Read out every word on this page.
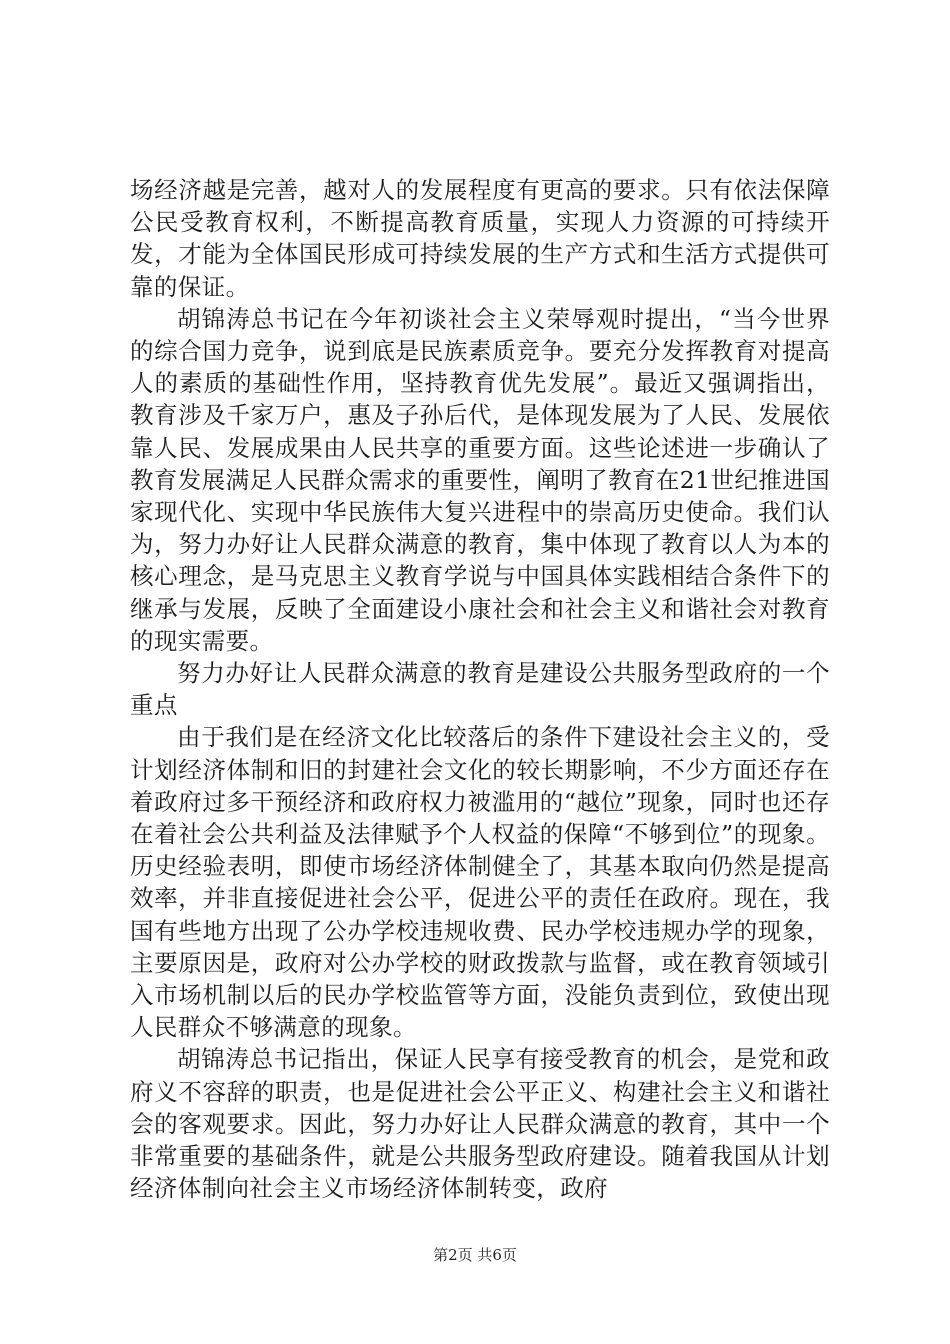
场经济越是完善，越对人的发展程度有更高的要求。只有依法保障公民受教育权利，不断提高教育质量，实现人力资源的可持续开发，才能为全体国民形成可持续发展的生产方式和生活方式提供可靠的保证。

胡锦涛总书记在今年初谈社会主义荣辱观时提出，“当今世界的综合国力竞争，说到底是民族素质竞争。要充分发挥教育对提高人的素质的基础性作用，坚持教育优先发展”。最近又强调指出，教育涉及千家万户，惠及子孙后代，是体现发展为了人民、发展依靠人民、发展成果由人民共享的重要方面。这些论述进一步确认了教育发展满足人民群众需求的重要性，阐明了教育在21世纪推进国家现代化、实现中华民族伟大复兴进程中的崇高历史使命。我们认为，努力办好让人民群众满意的教育，集中体现了教育以人为本的核心理念，是马克思主义教育学说与中国具体实践相结合条件下的继承与发展，反映了全面建设小康社会和社会主义和谐社会对教育的现实需要。

努力办好让人民群众满意的教育是建设公共服务型政府的一个重点

由于我们是在经济文化比较落后的条件下建设社会主义的，受计划经济体制和旧的封建社会文化的较长期影响，不少方面还存在着政府过多干预经济和政府权力被滥用的“越位”现象，同时也还存在着社会公共利益及法律赋予个人权益的保障“不够到位”的现象。历史经验表明，即使市场经济体制健全了，其基本取向仍然是提高效率，并非直接促进社会公平，促进公平的责任在政府。现在，我国有些地方出现了公办学校违规收费、民办学校违规办学的现象，主要原因是，政府对公办学校的财政拨款与监督，或在教育领域引入市场机制以后的民办学校监管等方面，没能负责到位，致使出现人民群众不够满意的现象。

胡锦涛总书记指出，保证人民享有接受教育的机会，是党和政府义不容辞的职责，也是促进社会公平正义、构建社会主义和谐社会的客观要求。因此，努力办好让人民群众满意的教育，其中一个非常重要的基础条件，就是公共服务型政府建设。随着我国从计划经济体制向社会主义市场经济体制转变，政府

第2页 共6页
